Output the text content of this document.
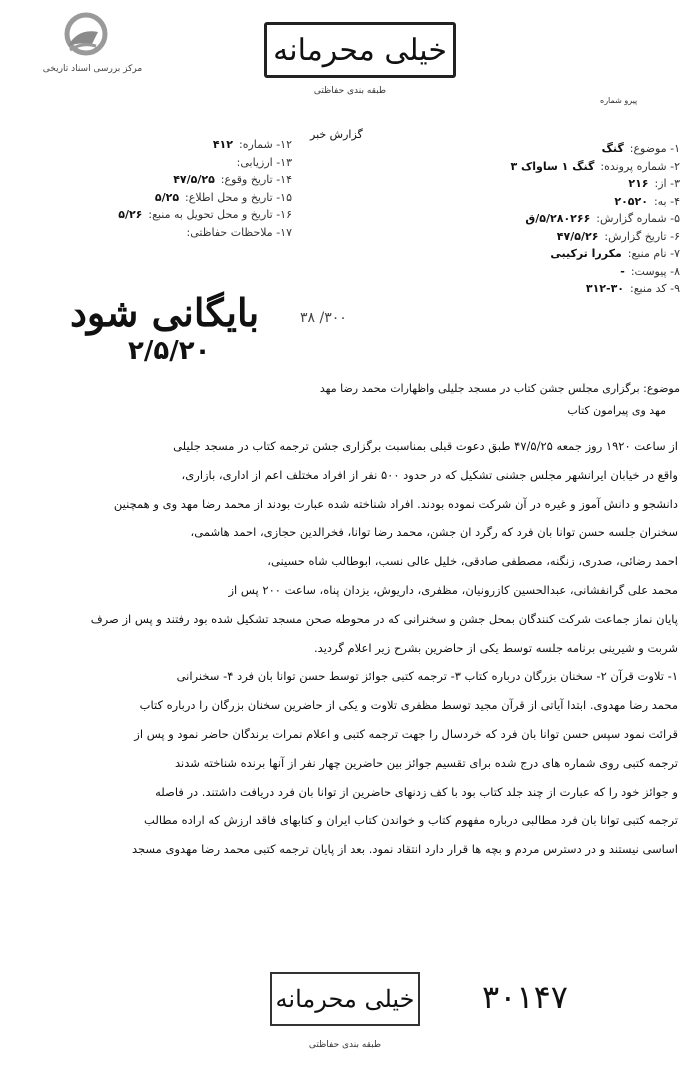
مرکز بررسی اسناد تاریخی
خیلی محرمانه
طبقه بندی حفاظتی
پیرو شماره
گزارش خبر
۱- موضوع:
گنگ
۲- شماره پرونده:
گنگ ۱ ساواک ۳
۳- از:
۲۱۶
۴- به:
۲۰۵۲۰
۵- شماره گزارش:
۵/۲۸۰۲۶۶/ق
۶- تاریخ گزارش:
۴۷/۵/۲۶
۷- نام منبع:
مکررا ترکیبی
۸- پیوست:
-
۹- کد منبع:
۳۱۲-۳۰
۱۲- شماره:
۴۱۲
۱۳- ارزیابی:
۱۴- تاریخ وقوع:
۴۷/۵/۲۵
۱۵- تاریخ و محل اطلاع:
۵/۲۵
۱۶- تاریخ و محل تحویل به منبع:
۵/۲۶
۱۷- ملاحظات حفاظتی:
بایگانی شود
۲/۵/۲۰
۳۰۰/ ۳۸
موضوع: برگزاری مجلس جشن کتاب در مسجد جلیلی واظهارات محمد رضا مهد
مهد وی پیرامون کتاب

از ساعت ۱۹۲۰ روز جمعه ۴۷/۵/۲۵ طبق دعوت قبلی بمناسبت برگزاری جشن ترجمه کتاب در مسجد جلیلی

واقع در خیابان ایرانشهر مجلس جشنی تشکیل که در حدود ۵۰۰ نفر از افراد مختلف اعم از اداری، بازاری،

دانشجو و دانش آموز و غیره در آن شرکت نموده بودند. افراد شناخته شده عبارت بودند از محمد رضا مهد وی و همچنین

سخنران جلسه حسن توانا بان فرد که رگرد ان جشن، محمد رضا توانا، فخرالدین حجازی، احمد هاشمی،

احمد رضائی، صدری، زنگنه، مصطفی صادقی، خلیل عالی نسب، ابوطالب شاه حسینی،

محمد علی گرانفشانی، عبدالحسین کازرونیان، مظفری، داریوش، یزدان پناه، ساعت ۲۰۰ پس از

پایان نماز جماعت شرکت کنندگان بمحل جشن و سخنرانی که در محوطه صحن مسجد تشکیل شده بود رفتند و پس از صرف

شربت و شیرینی برنامه جلسه توسط یکی از حاضرین بشرح زیر اعلام گردید.

۱- تلاوت قرآن ۲- سخنان بزرگان درباره کتاب ۳- ترجمه کتبی جوائز توسط حسن توانا بان فرد ۴- سخنرانی

محمد رضا مهدوی. ابتدا آیاتی از قرآن مجید توسط مظفری تلاوت و یکی از حاضرین سخنان بزرگان را درباره کتاب

قرائت نمود سپس حسن توانا بان فرد که خردسال را جهت ترجمه کتبی و اعلام نمرات برندگان حاضر نمود و پس از

ترجمه کتبی روی شماره های درج شده برای تقسیم جوائز بین حاضرین چهار نفر از آنها برنده شناخته شدند

و جوائز خود را که عبارت از چند جلد کتاب بود با کف زدنهای حاضرین از توانا بان فرد دریافت داشتند. در فاصله

ترجمه کتبی توانا بان فرد مطالبی درباره مفهوم کتاب و خواندن کتاب ایران و کتابهای فاقد ارزش که اراده مطالب

اساسی نیستند و در دسترس مردم و بچه ها قرار دارد انتقاد نمود. بعد از پایان ترجمه کتبی محمد رضا مهدوی مسجد

خیلی محرمانه
طبقه بندی حفاظتی
۳۰۱۴۷
